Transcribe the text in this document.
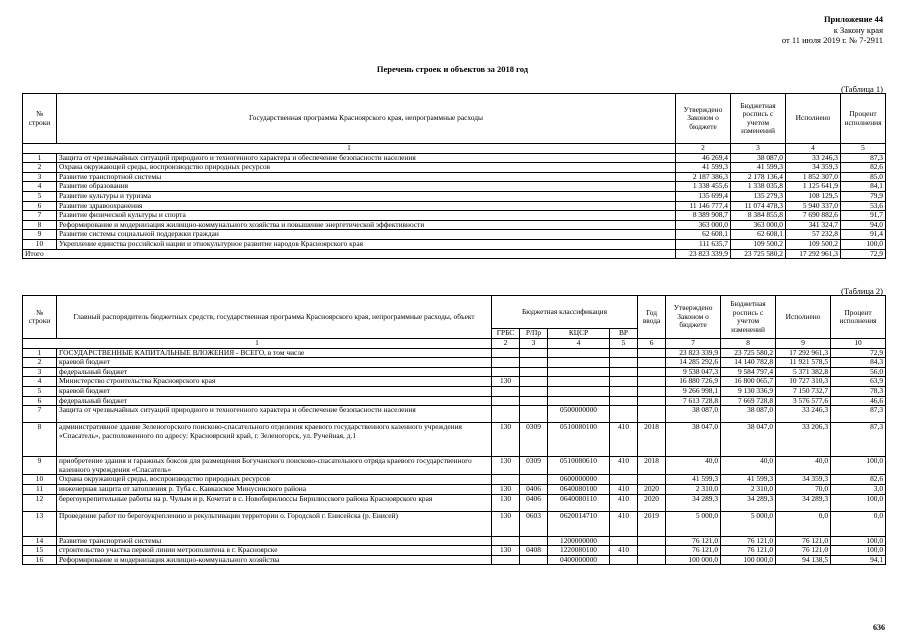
Приложение 44
к Закону края
от 11 июля 2019 г. № 7-2911
Перечень строек и объектов за 2018 год
(Таблица 1)
№ строки	Государственная программа Красноярского края, непрограммные расходы	Утверждено Законом о бюджете	Бюджетная роспись с учетом изменений	Исполнено	Процент исполнения
1		2	3	4	5
1	Защита от чрезвычайных ситуаций природного и техногенного характера и обеспечение безопасности населения	46 269,4	38 087,0	33 246,3	87,3
2	Охрана окружающей среды, воспроизводство природных ресурсов	41 599,3	41 599,3	34 359,3	82,6
3	Развитие транспортной системы	2 187 386,3	2 178 136,4	1 852 307,0	85,0
4	Развитие образования	1 338 455,6	1 338 035,8	1 125 641,9	84,1
5	Развитие культуры и туризма	135 699,4	135 279,3	108 129,5	79,9
6	Развитие здравоохранения	11 146 777,4	11 074 478,3	5 940 337,0	53,6
7	Развитие физической культуры и спорта	8 389 908,7	8 384 855,8	7 690 882,6	91,7
8	Реформирование и модернизация жилищно-коммунального хозяйства и повышение энергетической эффективности	363 000,0	363 000,0	341 324,7	94,0
9	Развитие системы социальной поддержки граждан	62 608,1	62 608,1	57 232,8	91,4
10	Укрепление единства российской нации и этнокультурное развитие народов Красноярского края	111 635,7	109 500,2	109 500,2	100,0
Итого		23 823 339,9	23 725 580,2	17 292 961,3	72,9
(Таблица 2)
№ строки	Главный распорядитель бюджетных средств, государственная программа Красноярского края, непрограммные расходы, объект	Бюджетная классификация				Год ввода	Утверждено Законом о бюджете	Бюджетная роспись с учетом изменений	Исполнено	Процент исполнения
		ГРБС	Р/Пр	КЦСР	ВР					
1		2	3	4	5	6	7	8	9	10
1	ГОСУДАРСТВЕННЫЕ КАПИТАЛЬНЫЕ ВЛОЖЕНИЯ - ВСЕГО, в том числе						23 823 339,9	23 725 580,2	17 292 961,3	72,9
2	краевой бюджет						14 285 292,6	14 140 782,8	11 921 578,5	84,3
3	федеральный бюджет						9 538 047,3	9 584 797,4	5 371 382,8	56,0
4	Министерство строительства Красноярского края	130					16 880 726,9	16 800 065,7	10 727 310,3	63,9
5	краевой бюджет						9 266 998,1	9 130 336,9	7 150 732,7	78,3
6	федеральный бюджет						7 613 728,8	7 669 728,8	3 576 577,6	46,6
7	Защита от чрезвычайных ситуаций природного и техногенного характера и обеспечение безопасности населения			0500000000			38 087,0	38 087,0	33 246,3	87,3
8	административное здание Зеленогорского поисково-спасательного отделения краевого государственного казенного учреждения «Спасатель», расположенного по адресу: Красноярский край, г. Зеленогорск, ул. Ручейная, д.1	130	0309	0510080100	410	2018	38 047,0	38 047,0	33 206,3	87,3
9	приобретение здания и гаражных боксов для размещения Богучанского поисково-спасательного отряда краевого государственного казенного учреждения «Спасатель»	130	0309	0510080610	410	2018	40,0	40,0	40,0	100,0
10	Охрана окружающей среды, воспроизводство природных ресурсов			0600000000			41 599,3	41 599,3	34 359,3	82,6
11	инженерная защита от затопления р. Туба с. Кавказское Минусинского района	130	0406	0640080100	410	2020	2 310,0	2 310,0	70,0	3,0
12	берегоукрепительные работы на р. Чулым и р. Кочетат в с. Новобирилюссы Бирилюсского района Красноярского края	130	0406	0640080110	410	2020	34 289,3	34 289,3	34 289,3	100,0
13	Проведение работ по берегоукреплению и рекультивации территории о. Городской г. Енисейска (р. Енисей)	130	0603	0620014710	410	2019	5 000,0	5 000,0	0,0	0,0
14	Развитие транспортной системы			1200000000			76 121,0	76 121,0	76 121,0	100,0
15	строительство участка первой линии метрополитена в г. Красноярске	130	0408	1220080100	410		76 121,0	76 121,0	76 121,0	100,0
16	Реформирование и модернизация жилищно-коммунального хозяйства			0400000000			100 000,0	100 000,0	94 138,5	94,1
636
